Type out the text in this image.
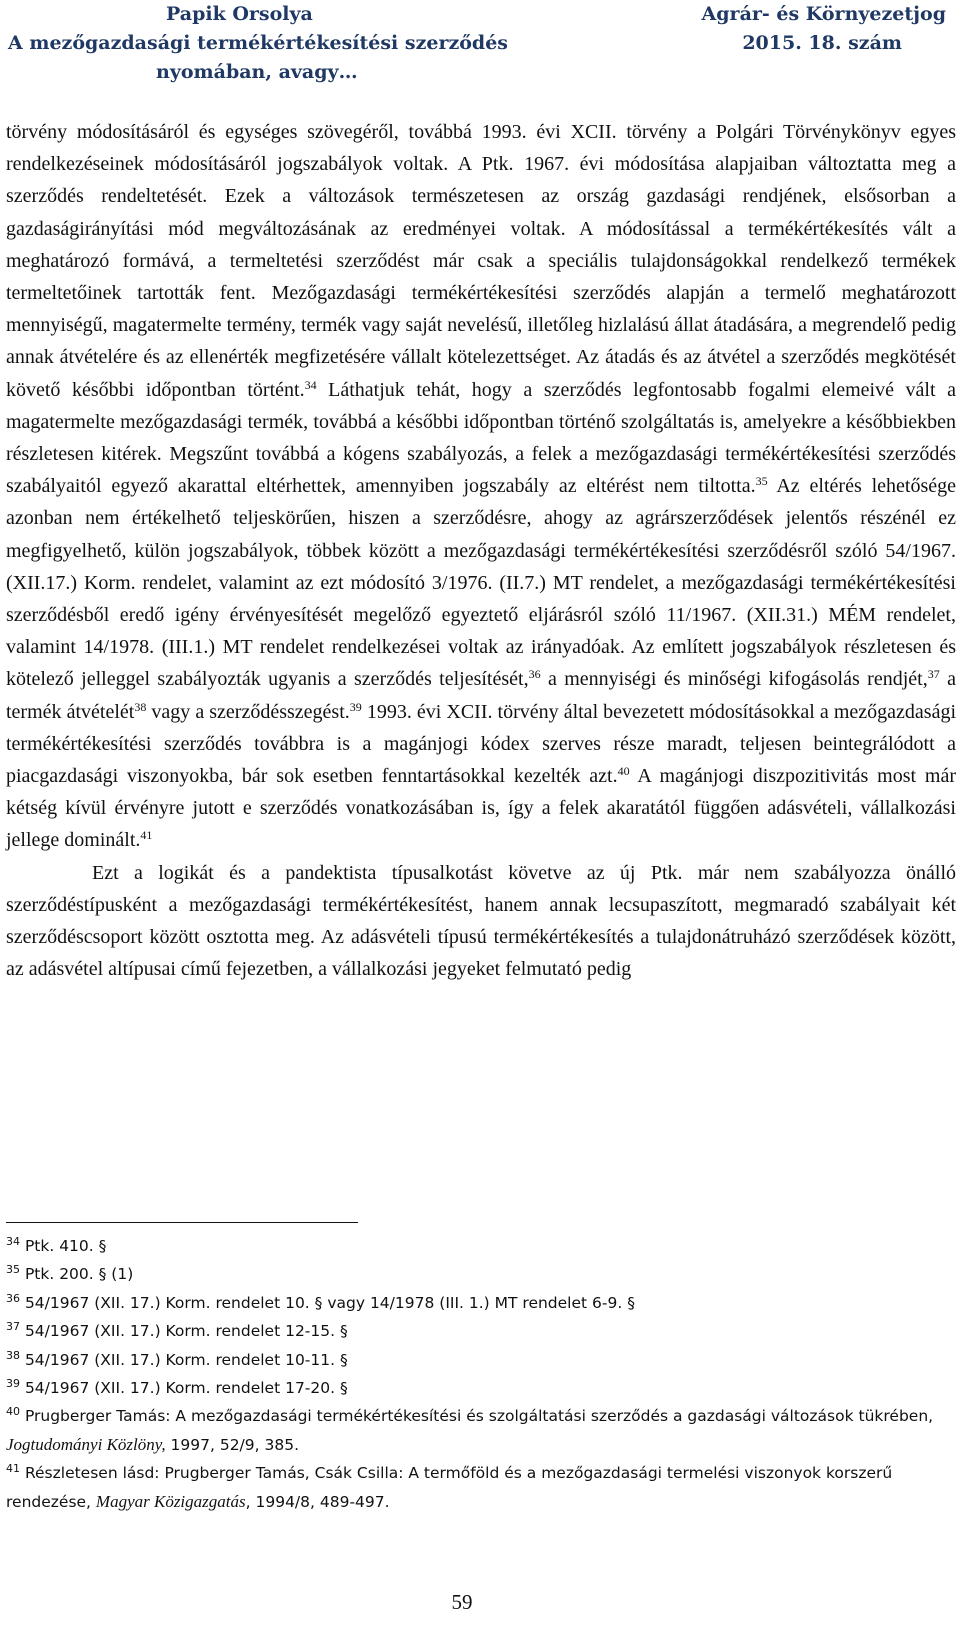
Papik Orsolya
A mezőgazdasági termékértékesítési szerződés
nyomában, avagy…
Agrár- és Környezetjog
2015. 18. szám

törvény módosításáról és egységes szövegéről, továbbá 1993. évi XCII. törvény a Polgári Törvénykönyv egyes rendelkezéseinek módosításáról jogszabályok voltak. A Ptk. 1967. évi módosítása alapjaiban változtatta meg a szerződés rendeltetését. Ezek a változások természetesen az ország gazdasági rendjének, elsősorban a gazdaságirányítási mód megváltozásának az eredményei voltak. A módosítással a termékértékesítés vált a meghatározó formává, a termeltetési szerződést már csak a speciális tulajdonságokkal rendelkező termékek termeltetőinek tartották fent. Mezőgazdasági termékértékesítési szerződés alapján a termelő meghatározott mennyiségű, magatermelte termény, termék vagy saját nevelésű, illetőleg hizlalású állat átadására, a megrendelő pedig annak átvételére és az ellenérték megfizetésére vállalt kötelezettséget. Az átadás és az átvétel a szerződés megkötését követő későbbi időpontban történt.$^{34}$ Láthatjuk tehát, hogy a szerződés legfontosabb fogalmi elemeivé vált a magatermelte mezőgazdasági termék, továbbá a későbbi időpontban történő szolgáltatás is, amelyekre a későbbiekben részletesen kitérek. Megszűnt továbbá a kógens szabályozás, a felek a mezőgazdasági termékértékesítési szerződés szabályaitól egyező akarattal eltérhettek, amennyiben jogszabály az eltérést nem tiltotta.$^{35}$ Az eltérés lehetősége azonban nem értékelhető teljeskörűen, hiszen a szerződésre, ahogy az agrárszerződések jelentős részénél ez megfigyelhető, külön jogszabályok, többek között a mezőgazdasági termékértékesítési szerződésről szóló 54/1967. (XII.17.) Korm. rendelet, valamint az ezt módosító 3/1976. (II.7.) MT rendelet, a mezőgazdasági termékértékesítési szerződésből eredő igény érvényesítését megelőző egyeztető eljárásról szóló 11/1967. (XII.31.) MÉM rendelet, valamint 14/1978. (III.1.) MT rendelet rendelkezései voltak az irányadóak. Az említett jogszabályok részletesen és kötelező jelleggel szabályozták ugyanis a szerződés teljesítését,$^{36}$ a mennyiségi és minőségi kifogásolás rendjét,$^{37}$ a termék átvételét$^{38}$ vagy a szerződésszegést.$^{39}$ 1993. évi XCII. törvény által bevezetett módosításokkal a mezőgazdasági termékértékesítési szerződés továbbra is a magánjogi kódex szerves része maradt, teljesen beintegrálódott a piacgazdasági viszonyokba, bár sok esetben fenntartásokkal kezelték azt.$^{40}$ A magánjogi diszpozitivitás most már kétség kívül érvényre jutott e szerződés vonatkozásában is, így a felek akaratától függően adásvételi, vállalkozási jellege dominált.$^{41}$

Ezt a logikát és a pandektista típusalkotást követve az új Ptk. már nem szabályozza önálló szerződéstípusként a mezőgazdasági termékértékesítést, hanem annak lecsupaszított, megmaradó szabályait két szerződéscsoport között osztotta meg. Az adásvételi típusú termékértékesítés a tulajdonátruházó szerződések között, az adásvétel altípusai című fejezetben, a vállalkozási jegyeket felmutató pedig

$^{34}$ Ptk. 410. §
$^{35}$ Ptk. 200. § (1)
$^{36}$ 54/1967 (XII. 17.) Korm. rendelet 10. § vagy 14/1978 (III. 1.) MT rendelet 6-9. §
$^{37}$ 54/1967 (XII. 17.) Korm. rendelet 12-15. §
$^{38}$ 54/1967 (XII. 17.) Korm. rendelet 10-11. §
$^{39}$ 54/1967 (XII. 17.) Korm. rendelet 17-20. §
$^{40}$ Prugberger Tamás: A mezőgazdasági termékértékesítési és szolgáltatási szerződés a gazdasági változások tükrében, Jogtudományi Közlöny, 1997, 52/9, 385.
$^{41}$ Részletesen lásd: Prugberger Tamás, Csák Csilla: A termőföld és a mezőgazdasági termelési viszonyok korszerű rendezése, Magyar Közigazgatás, 1994/8, 489-497.
59
